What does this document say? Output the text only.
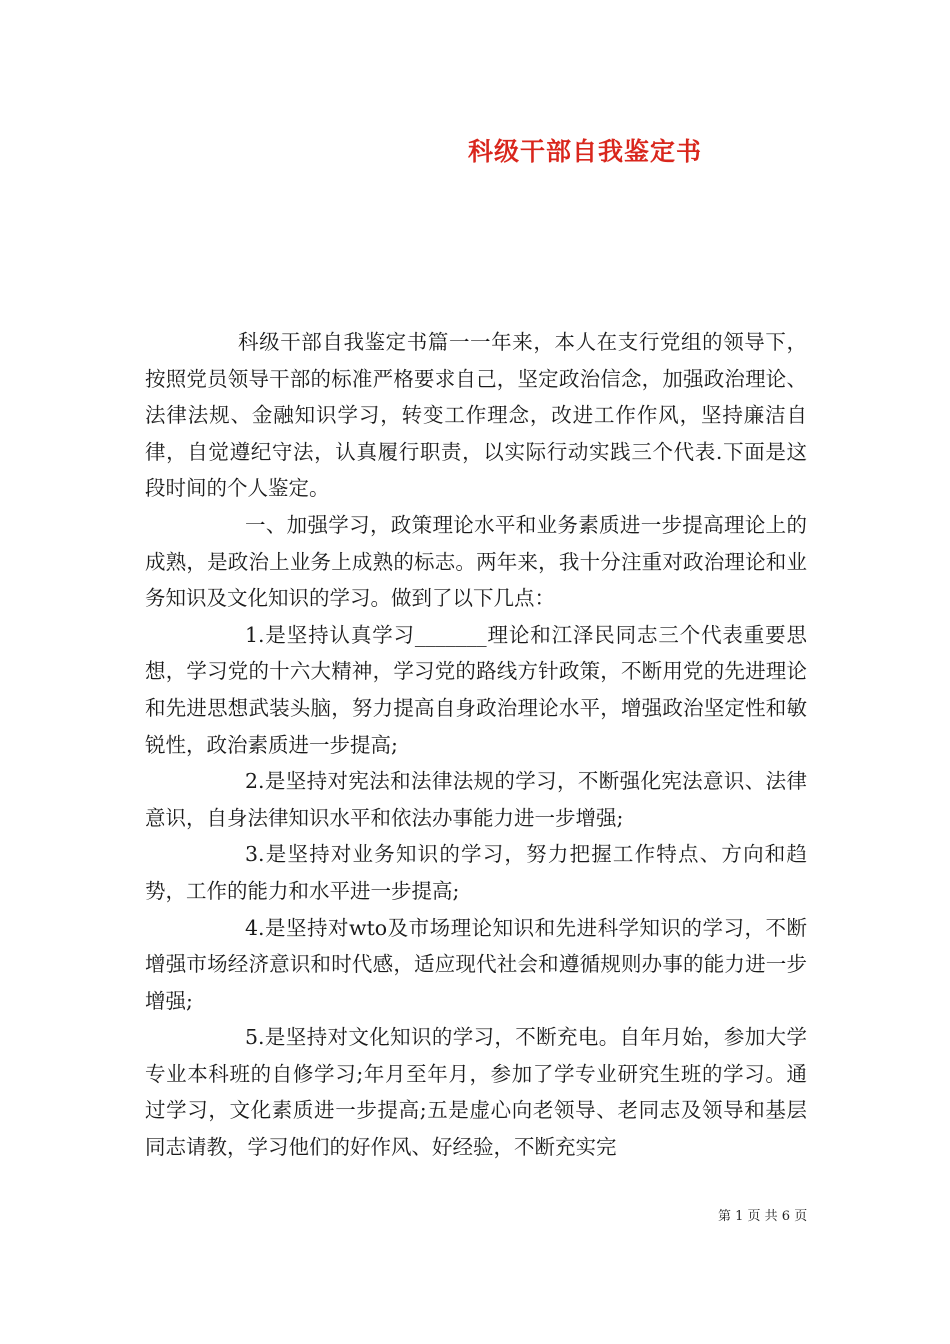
科级干部自我鉴定书

科级干部自我鉴定书篇一一年来，本人在支行党组的领导下，按照党员领导干部的标准严格要求自己，坚定政治信念，加强政治理论、法律法规、金融知识学习，转变工作理念，改进工作作风，坚持廉洁自律，自觉遵纪守法，认真履行职责，以实际行动实践三个代表.下面是这段时间的个人鉴定。

一、加强学习，政策理论水平和业务素质进一步提高理论上的成熟，是政治上业务上成熟的标志。两年来，我十分注重对政治理论和业务知识及文化知识的学习。做到了以下几点：

1.是坚持认真学习_______理论和江泽民同志三个代表重要思想，学习党的十六大精神，学习党的路线方针政策，不断用党的先进理论和先进思想武装头脑，努力提高自身政治理论水平，增强政治坚定性和敏锐性，政治素质进一步提高;

2.是坚持对宪法和法律法规的学习，不断强化宪法意识、法律意识，自身法律知识水平和依法办事能力进一步增强;

3.是坚持对业务知识的学习，努力把握工作特点、方向和趋势，工作的能力和水平进一步提高;

4.是坚持对wto及市场理论知识和先进科学知识的学习，不断增强市场经济意识和时代感，适应现代社会和遵循规则办事的能力进一步增强;

5.是坚持对文化知识的学习，不断充电。自年月始，参加大学专业本科班的自修学习;年月至年月，参加了学专业研究生班的学习。通过学习，文化素质进一步提高;五是虚心向老领导、老同志及领导和基层同志请教，学习他们的好作风、好经验，不断充实完

第 1 页 共 6 页
